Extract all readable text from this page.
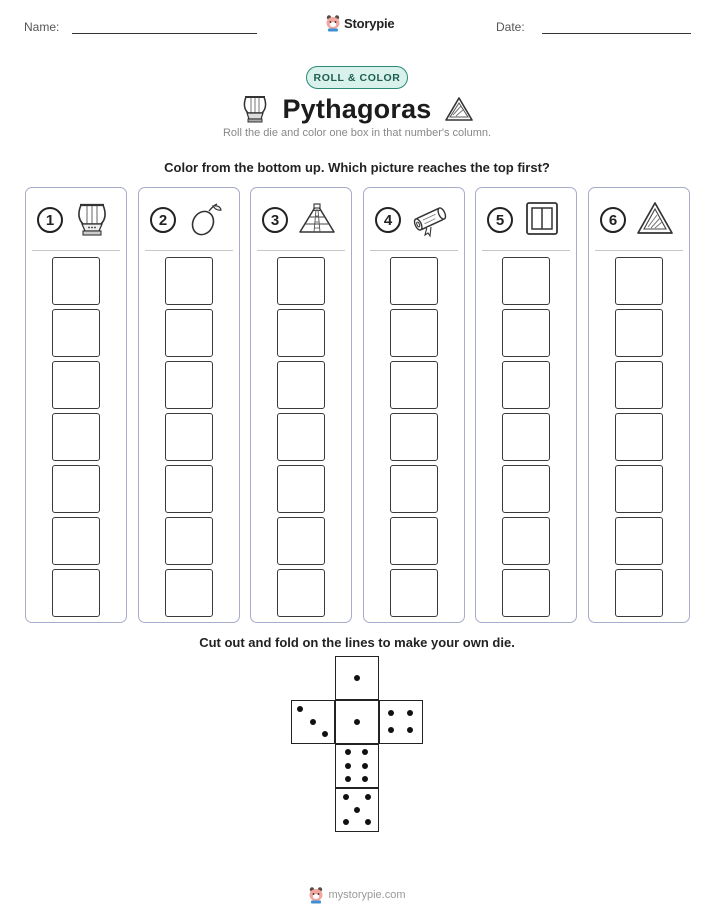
Name:	Storypie	Date:
ROLL & COLOR
Pythagoras
Roll the die and color one box in that number's column.
Color from the bottom up. Which picture reaches the top first?
1	2	3	4	5	6
Cut out and fold on the lines to make your own die.
mystorypie.com
